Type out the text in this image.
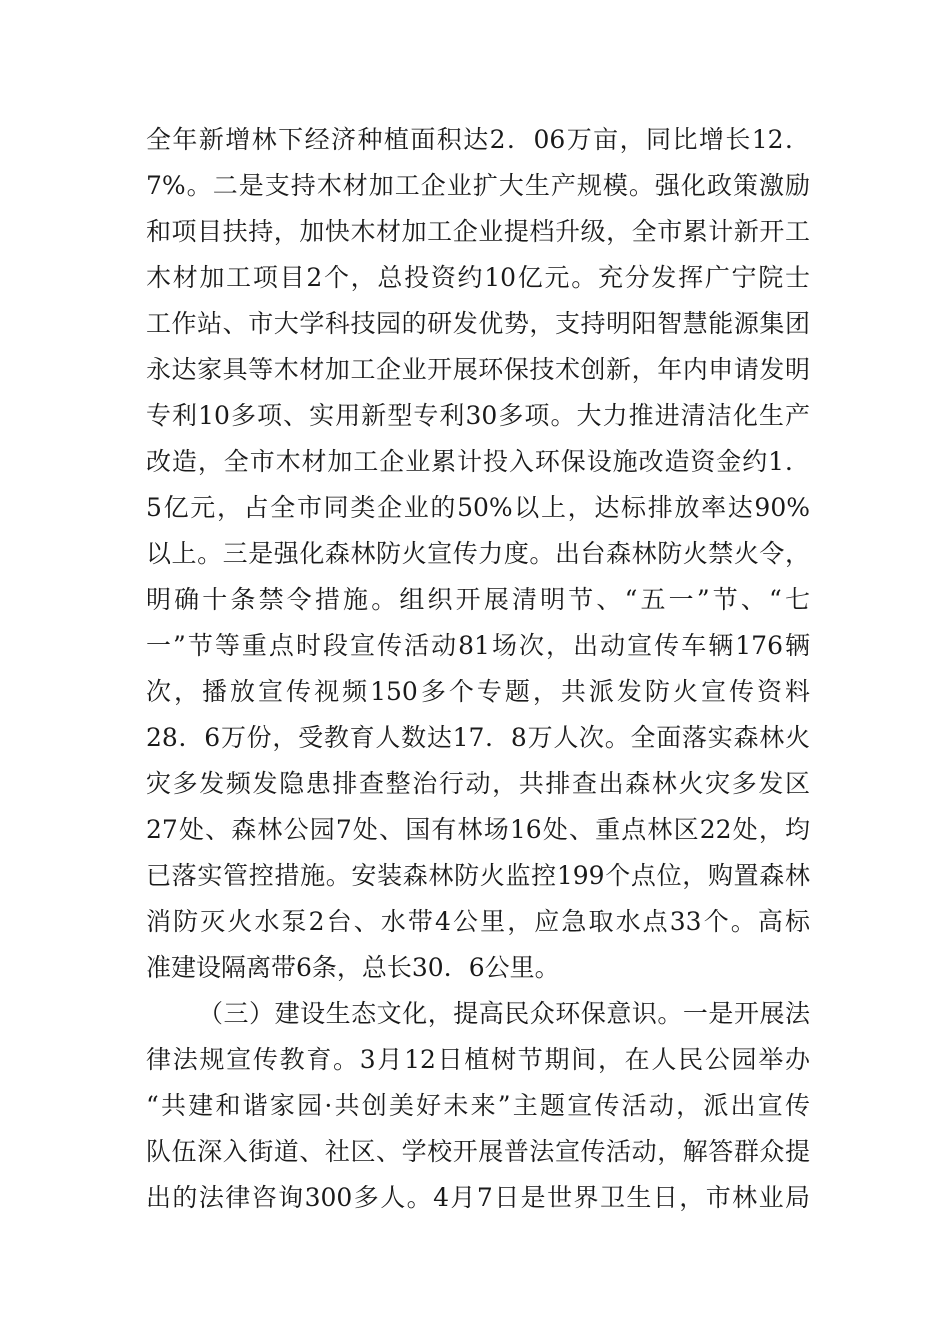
全年新增林下经济种植面积达2．06万亩，同比增长12．
7%。二是支持木材加工企业扩大生产规模。强化政策激励
和项目扶持，加快木材加工企业提档升级，全市累计新开工
木材加工项目2个，总投资约10亿元。充分发挥广宁院士
工作站、市大学科技园的研发优势，支持明阳智慧能源集团
永达家具等木材加工企业开展环保技术创新，年内申请发明
专利10多项、实用新型专利30多项。大力推进清洁化生产
改造，全市木材加工企业累计投入环保设施改造资金约1．
5亿元，占全市同类企业的50%以上，达标排放率达90%
以上。三是强化森林防火宣传力度。出台森林防火禁火令，
明确十条禁令措施。组织开展清明节、“五一”节、“七
一”节等重点时段宣传活动81场次，出动宣传车辆176辆
次，播放宣传视频150多个专题，共派发防火宣传资料
28．6万份，受教育人数达17．8万人次。全面落实森林火
灾多发频发隐患排查整治行动，共排查出森林火灾多发区
27处、森林公园7处、国有林场16处、重点林区22处，均
已落实管控措施。安装森林防火监控199个点位，购置森林
消防灭火水泵2台、水带4公里，应急取水点33个。高标
准建设隔离带6条，总长30．6公里。
（三）建设生态文化，提高民众环保意识。一是开展法
律法规宣传教育。3月12日植树节期间，在人民公园举办
“共建和谐家园·共创美好未来”主题宣传活动，派出宣传
队伍深入街道、社区、学校开展普法宣传活动，解答群众提
出的法律咨询300多人。4月7日是世界卫生日，市林业局
